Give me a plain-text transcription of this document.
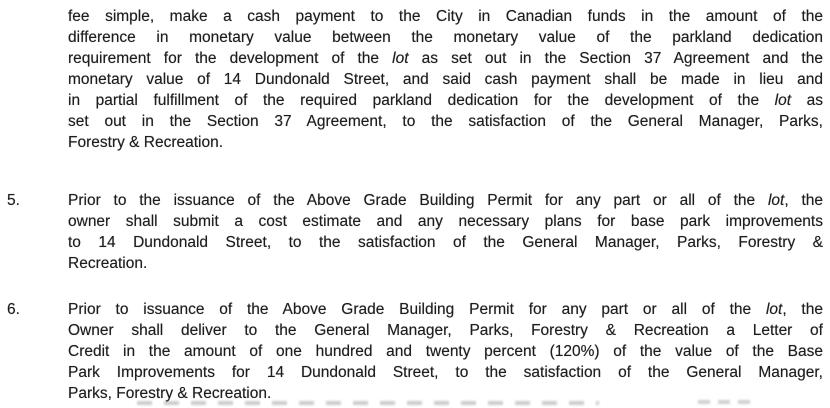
fee simple, make a cash payment to the City in Canadian funds in the amount of the
difference in monetary value between the monetary value of the parkland dedication
requirement for the development of the lot as set out in the Section 37 Agreement and the
monetary value of 14 Dundonald Street, and said cash payment shall be made in lieu and
in partial fulfillment of the required parkland dedication for the development of the lot as
set out in the Section 37 Agreement, to the satisfaction of the General Manager, Parks,
Forestry & Recreation.
5.	Prior to the issuance of the Above Grade Building Permit for any part or all of the lot, the
owner shall submit a cost estimate and any necessary plans for base park improvements
to 14 Dundonald Street, to the satisfaction of the General Manager, Parks, Forestry &
Recreation.
6.	Prior to issuance of the Above Grade Building Permit for any part or all of the lot, the
Owner shall deliver to the General Manager, Parks, Forestry & Recreation a Letter of
Credit in the amount of one hundred and twenty percent (120%) of the value of the Base
Park Improvements for 14 Dundonald Street, to the satisfaction of the General Manager,
Parks, Forestry & Recreation.
